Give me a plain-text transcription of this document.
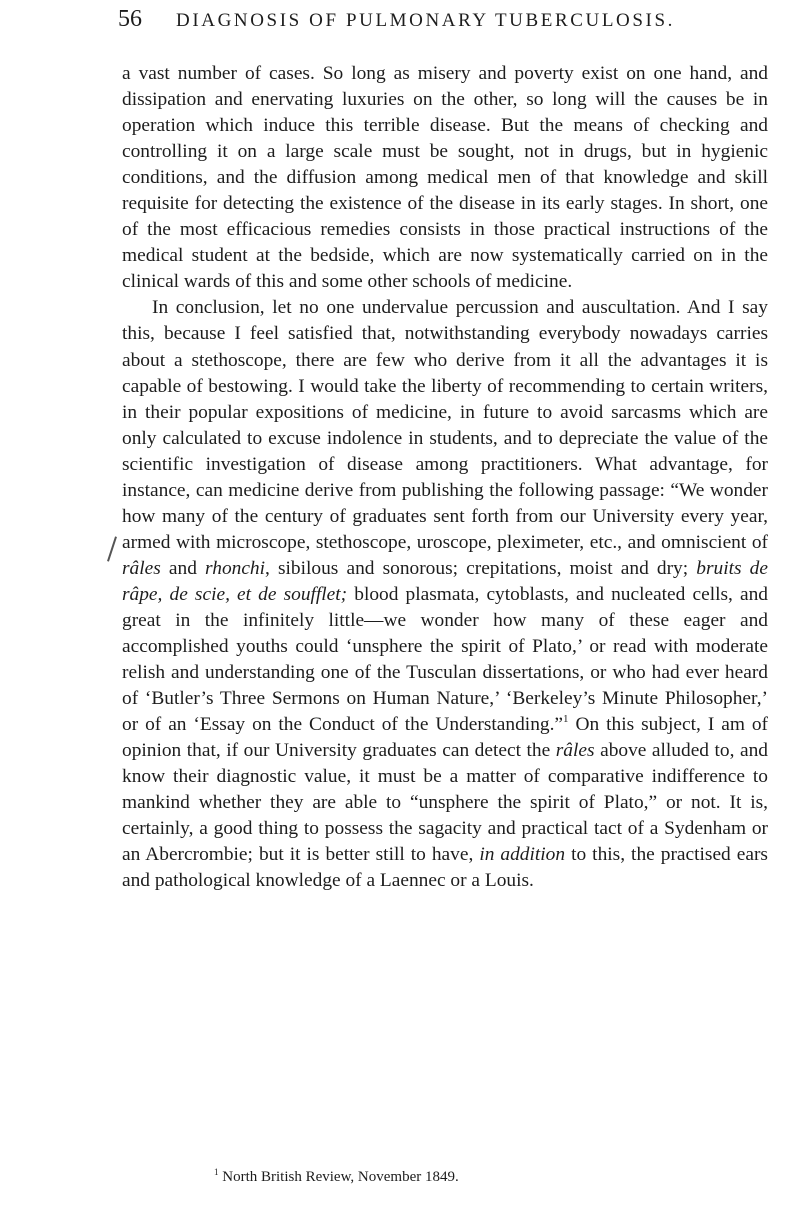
56 DIAGNOSIS OF PULMONARY TUBERCULOSIS.

a vast number of cases. So long as misery and poverty exist on one hand, and dissipation and enervating luxuries on the other, so long will the causes be in operation which induce this terrible disease. But the means of checking and controlling it on a large scale must be sought, not in drugs, but in hygienic conditions, and the diffusion among medical men of that knowledge and skill requisite for detecting the existence of the disease in its early stages. In short, one of the most efficacious remedies consists in those practical instructions of the medical student at the bedside, which are now systematically carried on in the clinical wards of this and some other schools of medicine.

In conclusion, let no one undervalue percussion and auscultation. And I say this, because I feel satisfied that, notwithstanding everybody nowadays carries about a stethoscope, there are few who derive from it all the advantages it is capable of bestowing. I would take the liberty of recommending to certain writers, in their popular expositions of medicine, in future to avoid sarcasms which are only calculated to excuse indolence in students, and to depreciate the value of the scientific investigation of disease among practitioners. What advantage, for instance, can medicine derive from publishing the following passage: “We wonder how many of the century of graduates sent forth from our University every year, armed with microscope, stethoscope, uroscope, pleximeter, etc., and omniscient of râles and rhonchi, sibilous and sonorous; crepitations, moist and dry; bruits de râpe, de scie, et de soufflet; blood plasmata, cytoblasts, and nucleated cells, and great in the infinitely little—we wonder how many of these eager and accomplished youths could ‘unsphere the spirit of Plato,’ or read with moderate relish and understanding one of the Tusculan dissertations, or who had ever heard of ‘Butler’s Three Sermons on Human Nature,’ ‘Berkeley’s Minute Philosopher,’ or of an ‘Essay on the Conduct of the Understanding.”$^1$ On this subject, I am of opinion that, if our University graduates can detect the râles above alluded to, and know their diagnostic value, it must be a matter of comparative indifference to mankind whether they are able to “unsphere the spirit of Plato,” or not. It is, certainly, a good thing to possess the sagacity and practical tact of a Sydenham or an Abercrombie; but it is better still to have, in addition to this, the practised ears and pathological knowledge of a Laennec or a Louis.

$^1$ North British Review, November 1849.
